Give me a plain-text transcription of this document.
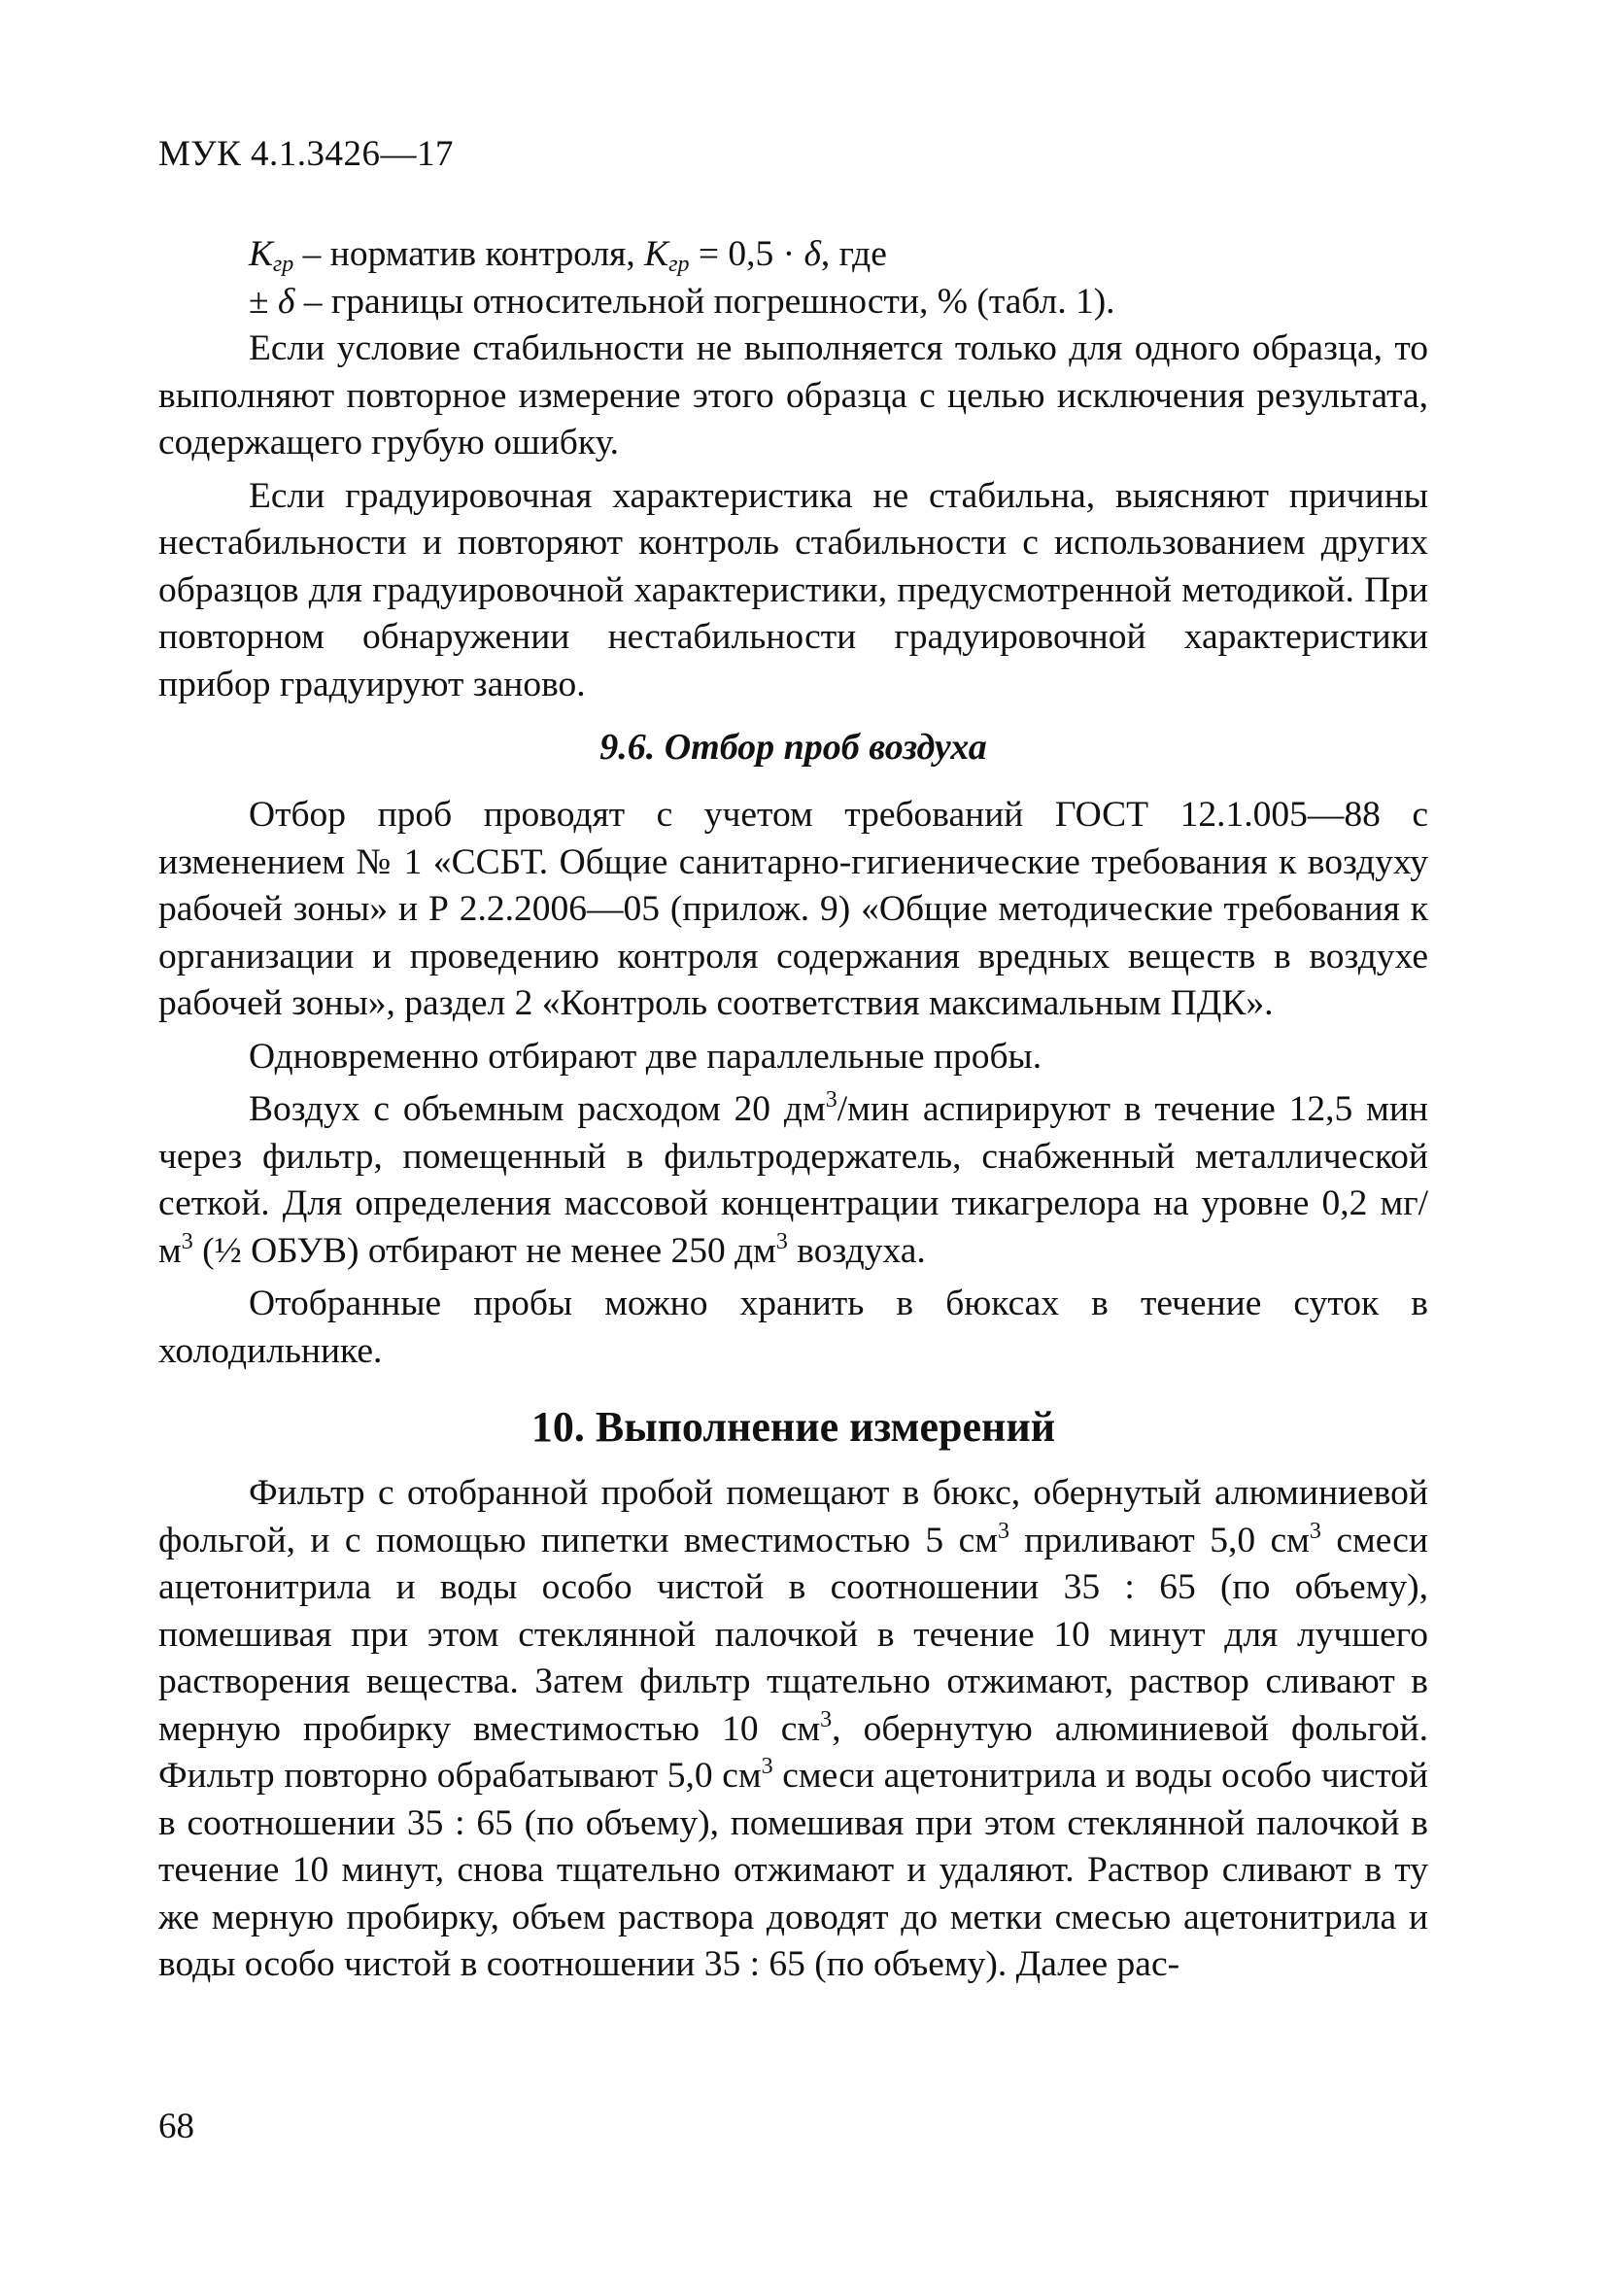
МУК 4.1.3426—17

$К_{гр}$ – норматив контроля, $К_{гр} = 0,5 \cdot \delta$, где

± δ – границы относительной погрешности, % (табл. 1).

Если условие стабильности не выполняется только для одного образца, то выполняют повторное измерение этого образца с целью исключения результата, содержащего грубую ошибку.

Если градуировочная характеристика не стабильна, выясняют причины нестабильности и повторяют контроль стабильности с использованием других образцов для градуировочной характеристики, предусмотренной методикой. При повторном обнаружении нестабильности градуировочной характеристики прибор градуируют заново.

9.6. Отбор проб воздуха

Отбор проб проводят с учетом требований ГОСТ 12.1.005—88 с изменением № 1 «ССБТ. Общие санитарно-гигиенические требования к воздуху рабочей зоны» и Р 2.2.2006—05 (прилож. 9) «Общие методические требования к организации и проведению контроля содержания вредных веществ в воздухе рабочей зоны», раздел 2 «Контроль соответствия максимальным ПДК».

Одновременно отбирают две параллельные пробы.

Воздух с объемным расходом 20 $дм^3$/мин аспирируют в течение 12,5 мин через фильтр, помещенный в фильтродержатель, снабженный металлической сеткой. Для определения массовой концентрации тикагрелора на уровне 0,2 $мг/м^3$ (½ ОБУВ) отбирают не менее 250 $дм^3$ воздуха.

Отобранные пробы можно хранить в бюксах в течение суток в холодильнике.

10. Выполнение измерений

Фильтр с отобранной пробой помещают в бюкс, обернутый алюминиевой фольгой, и с помощью пипетки вместимостью 5 $см^3$ приливают 5,0 $см^3$ смеси ацетонитрила и воды особо чистой в соотношении 35 : 65 (по объему), помешивая при этом стеклянной палочкой в течение 10 минут для лучшего растворения вещества. Затем фильтр тщательно отжимают, раствор сливают в мерную пробирку вместимостью 10 $см^3$, обернутую алюминиевой фольгой. Фильтр повторно обрабатывают 5,0 $см^3$ смеси ацетонитрила и воды особо чистой в соотношении 35 : 65 (по объему), помешивая при этом стеклянной палочкой в течение 10 минут, снова тщательно отжимают и удаляют. Раствор сливают в ту же мерную пробирку, объем раствора доводят до метки смесью ацетонитрила и воды особо чистой в соотношении 35 : 65 (по объему). Далее рас-

68
